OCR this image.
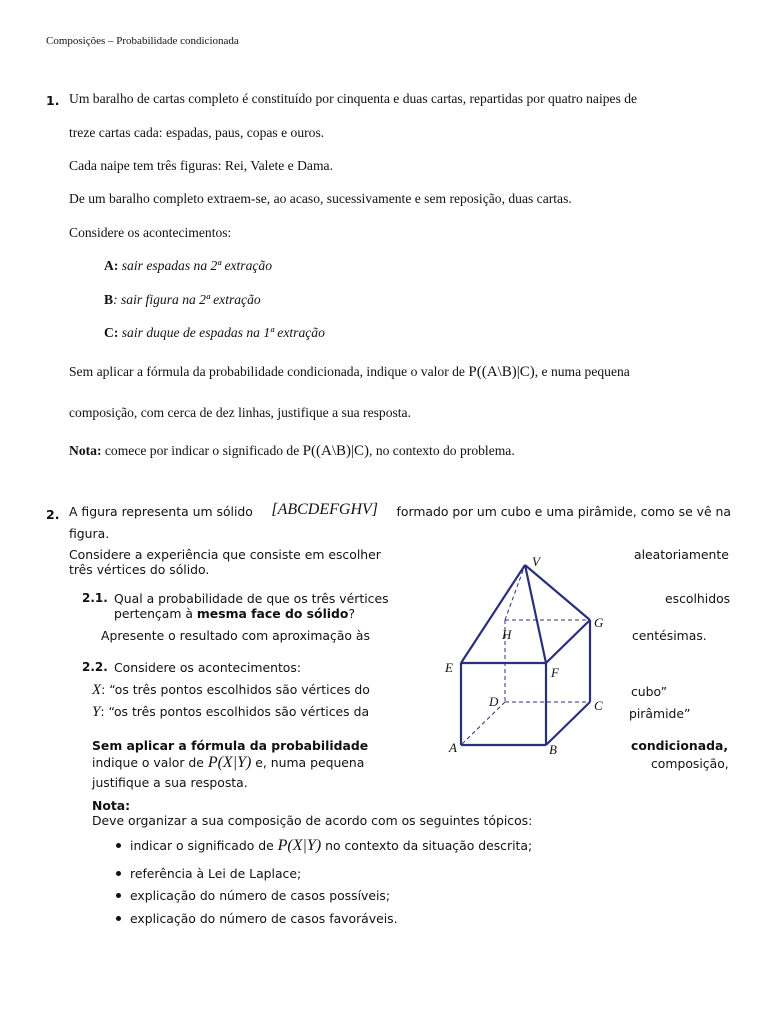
Composições – Probabilidade condicionada
1. Um baralho de cartas completo é constituído por cinquenta e duas cartas, repartidas por quatro naipes de
treze cartas cada: espadas, paus, copas e ouros.
Cada naipe tem três figuras: Rei, Valete e Dama.
De um baralho completo extraem-se, ao acaso, sucessivamente e sem reposição, duas cartas.
Considere os acontecimentos:
A: sair espadas na 2ª extração
B: sair figura na 2ª extração
C: sair duque de espadas na 1ª extração
Sem aplicar a fórmula da probabilidade condicionada, indique o valor de P((A\B)|C), e numa pequena
composição, com cerca de dez linhas, justifique a sua resposta.
Nota: comece por indicar o significado de P((A\B)|C), no contexto do problema.
2. A figura representa um sólido [ABCDEFGHV] formado por um cubo e uma pirâmide, como se vê na
figura.
Considere a experiência que consiste em escolher	aleatoriamente
três vértices do sólido.
2.1. Qual a probabilidade de que os três vértices	escolhidos
pertençam à mesma face do sólido?
Apresente o resultado com aproximação às	centésimas.
2.2. Considere os acontecimentos:
X: “os três pontos escolhidos são vértices do	cubo”
Y: “os três pontos escolhidos são vértices da	pirâmide”
Sem aplicar a fórmula da probabilidade	condicionada,
indique o valor de P(X|Y) e, numa pequena	composição,
justifique a sua resposta.
Nota:
Deve organizar a sua composição de acordo com os seguintes tópicos:
indicar o significado de P(X|Y) no contexto da situação descrita;
referência à Lei de Laplace;
explicação do número de casos possíveis;
explicação do número de casos favoráveis.
V
G
H
E	F
D	C
A	B
